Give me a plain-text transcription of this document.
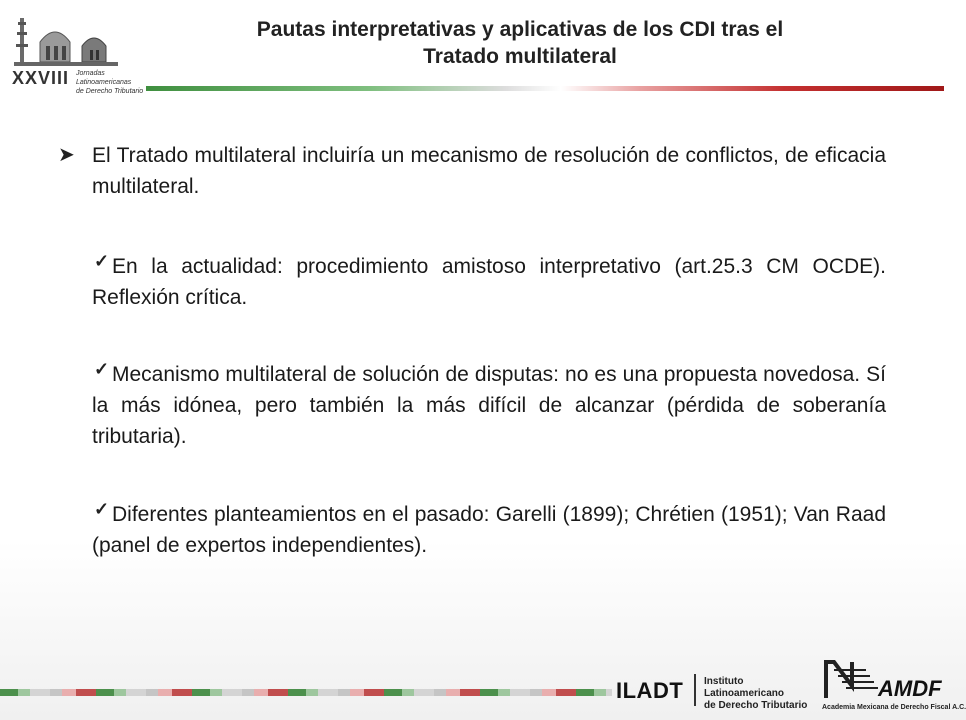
XXVIII Jornadas Latinoamericanas
de Derecho Tributario
Pautas interpretativas y aplicativas de los CDI tras el
Tratado multilateral
➤ El Tratado multilateral incluiría un mecanismo de resolución de conflictos, de eficacia multilateral.
✓ En la actualidad: procedimiento amistoso interpretativo (art.25.3 CM OCDE). Reflexión crítica.
✓ Mecanismo multilateral de solución de disputas: no es una propuesta novedosa. Sí la más idónea, pero también la más difícil de alcanzar (pérdida de soberanía tributaria).
✓ Diferentes planteamientos en el pasado: Garelli (1899); Chrétien (1951); Van Raad (panel de expertos independientes).
ILADT Instituto Latinoamericano
de Derecho Tributario
AMDF
Academia Mexicana de Derecho Fiscal A.C.
